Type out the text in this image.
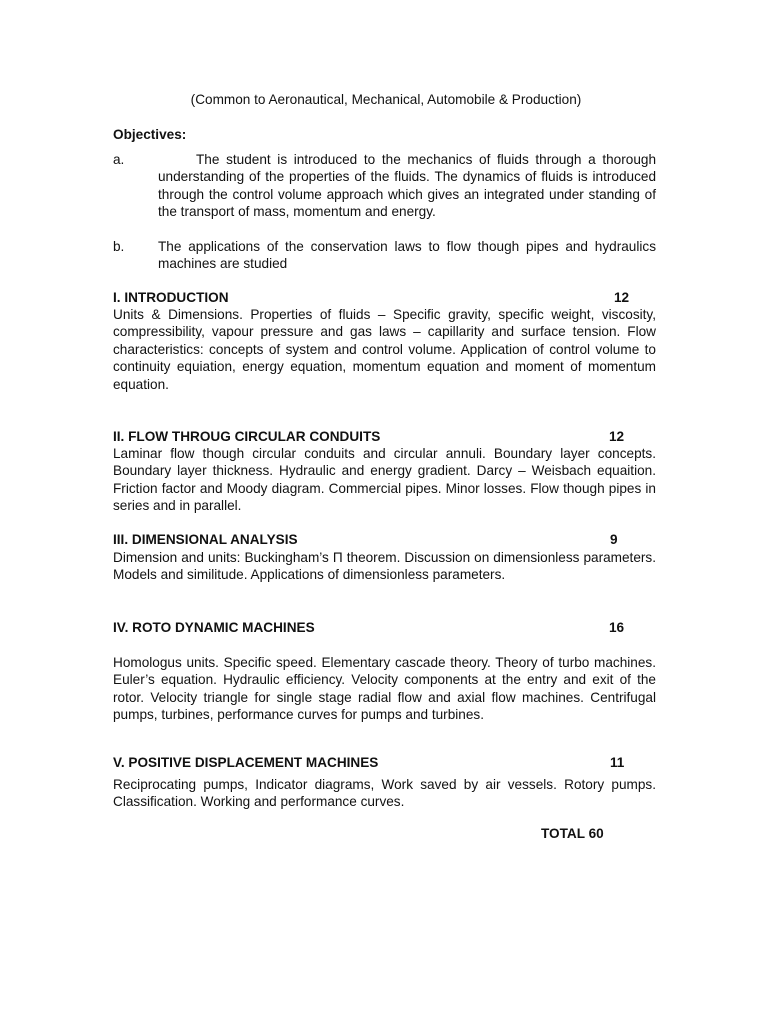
(Common to Aeronautical, Mechanical, Automobile & Production)
Objectives:
a.	The student is introduced to the mechanics of fluids through a thorough understanding of the properties of the fluids. The dynamics of fluids is introduced through the control volume approach which gives an integrated under standing of the transport of mass, momentum and energy.
b. The applications of the conservation laws to flow though pipes and hydraulics machines are studied
I. INTRODUCTION	12
Units & Dimensions. Properties of fluids – Specific gravity, specific weight, viscosity, compressibility, vapour pressure and gas laws – capillarity and surface tension. Flow characteristics: concepts of system and control volume. Application of control volume to continuity equiation, energy equation, momentum equation and moment of momentum equation.
II. FLOW THROUG CIRCULAR CONDUITS	12
Laminar flow though circular conduits and circular annuli. Boundary layer concepts. Boundary layer thickness. Hydraulic and energy gradient. Darcy – Weisbach equaition. Friction factor and Moody diagram. Commercial pipes. Minor losses. Flow though pipes in series and in parallel.
III. DIMENSIONAL ANALYSIS	9
Dimension and units: Buckingham’s Π theorem. Discussion on dimensionless parameters. Models and similitude. Applications of dimensionless parameters.
IV. ROTO DYNAMIC MACHINES	16
Homologus units. Specific speed. Elementary cascade theory. Theory of turbo machines. Euler’s equation. Hydraulic efficiency. Velocity components at the entry and exit of the rotor. Velocity triangle for single stage radial flow and axial flow machines. Centrifugal pumps, turbines, performance curves for pumps and turbines.
V. POSITIVE DISPLACEMENT MACHINES	11
Reciprocating pumps, Indicator diagrams, Work saved by air vessels. Rotory pumps. Classification. Working and performance curves.
TOTAL 60
